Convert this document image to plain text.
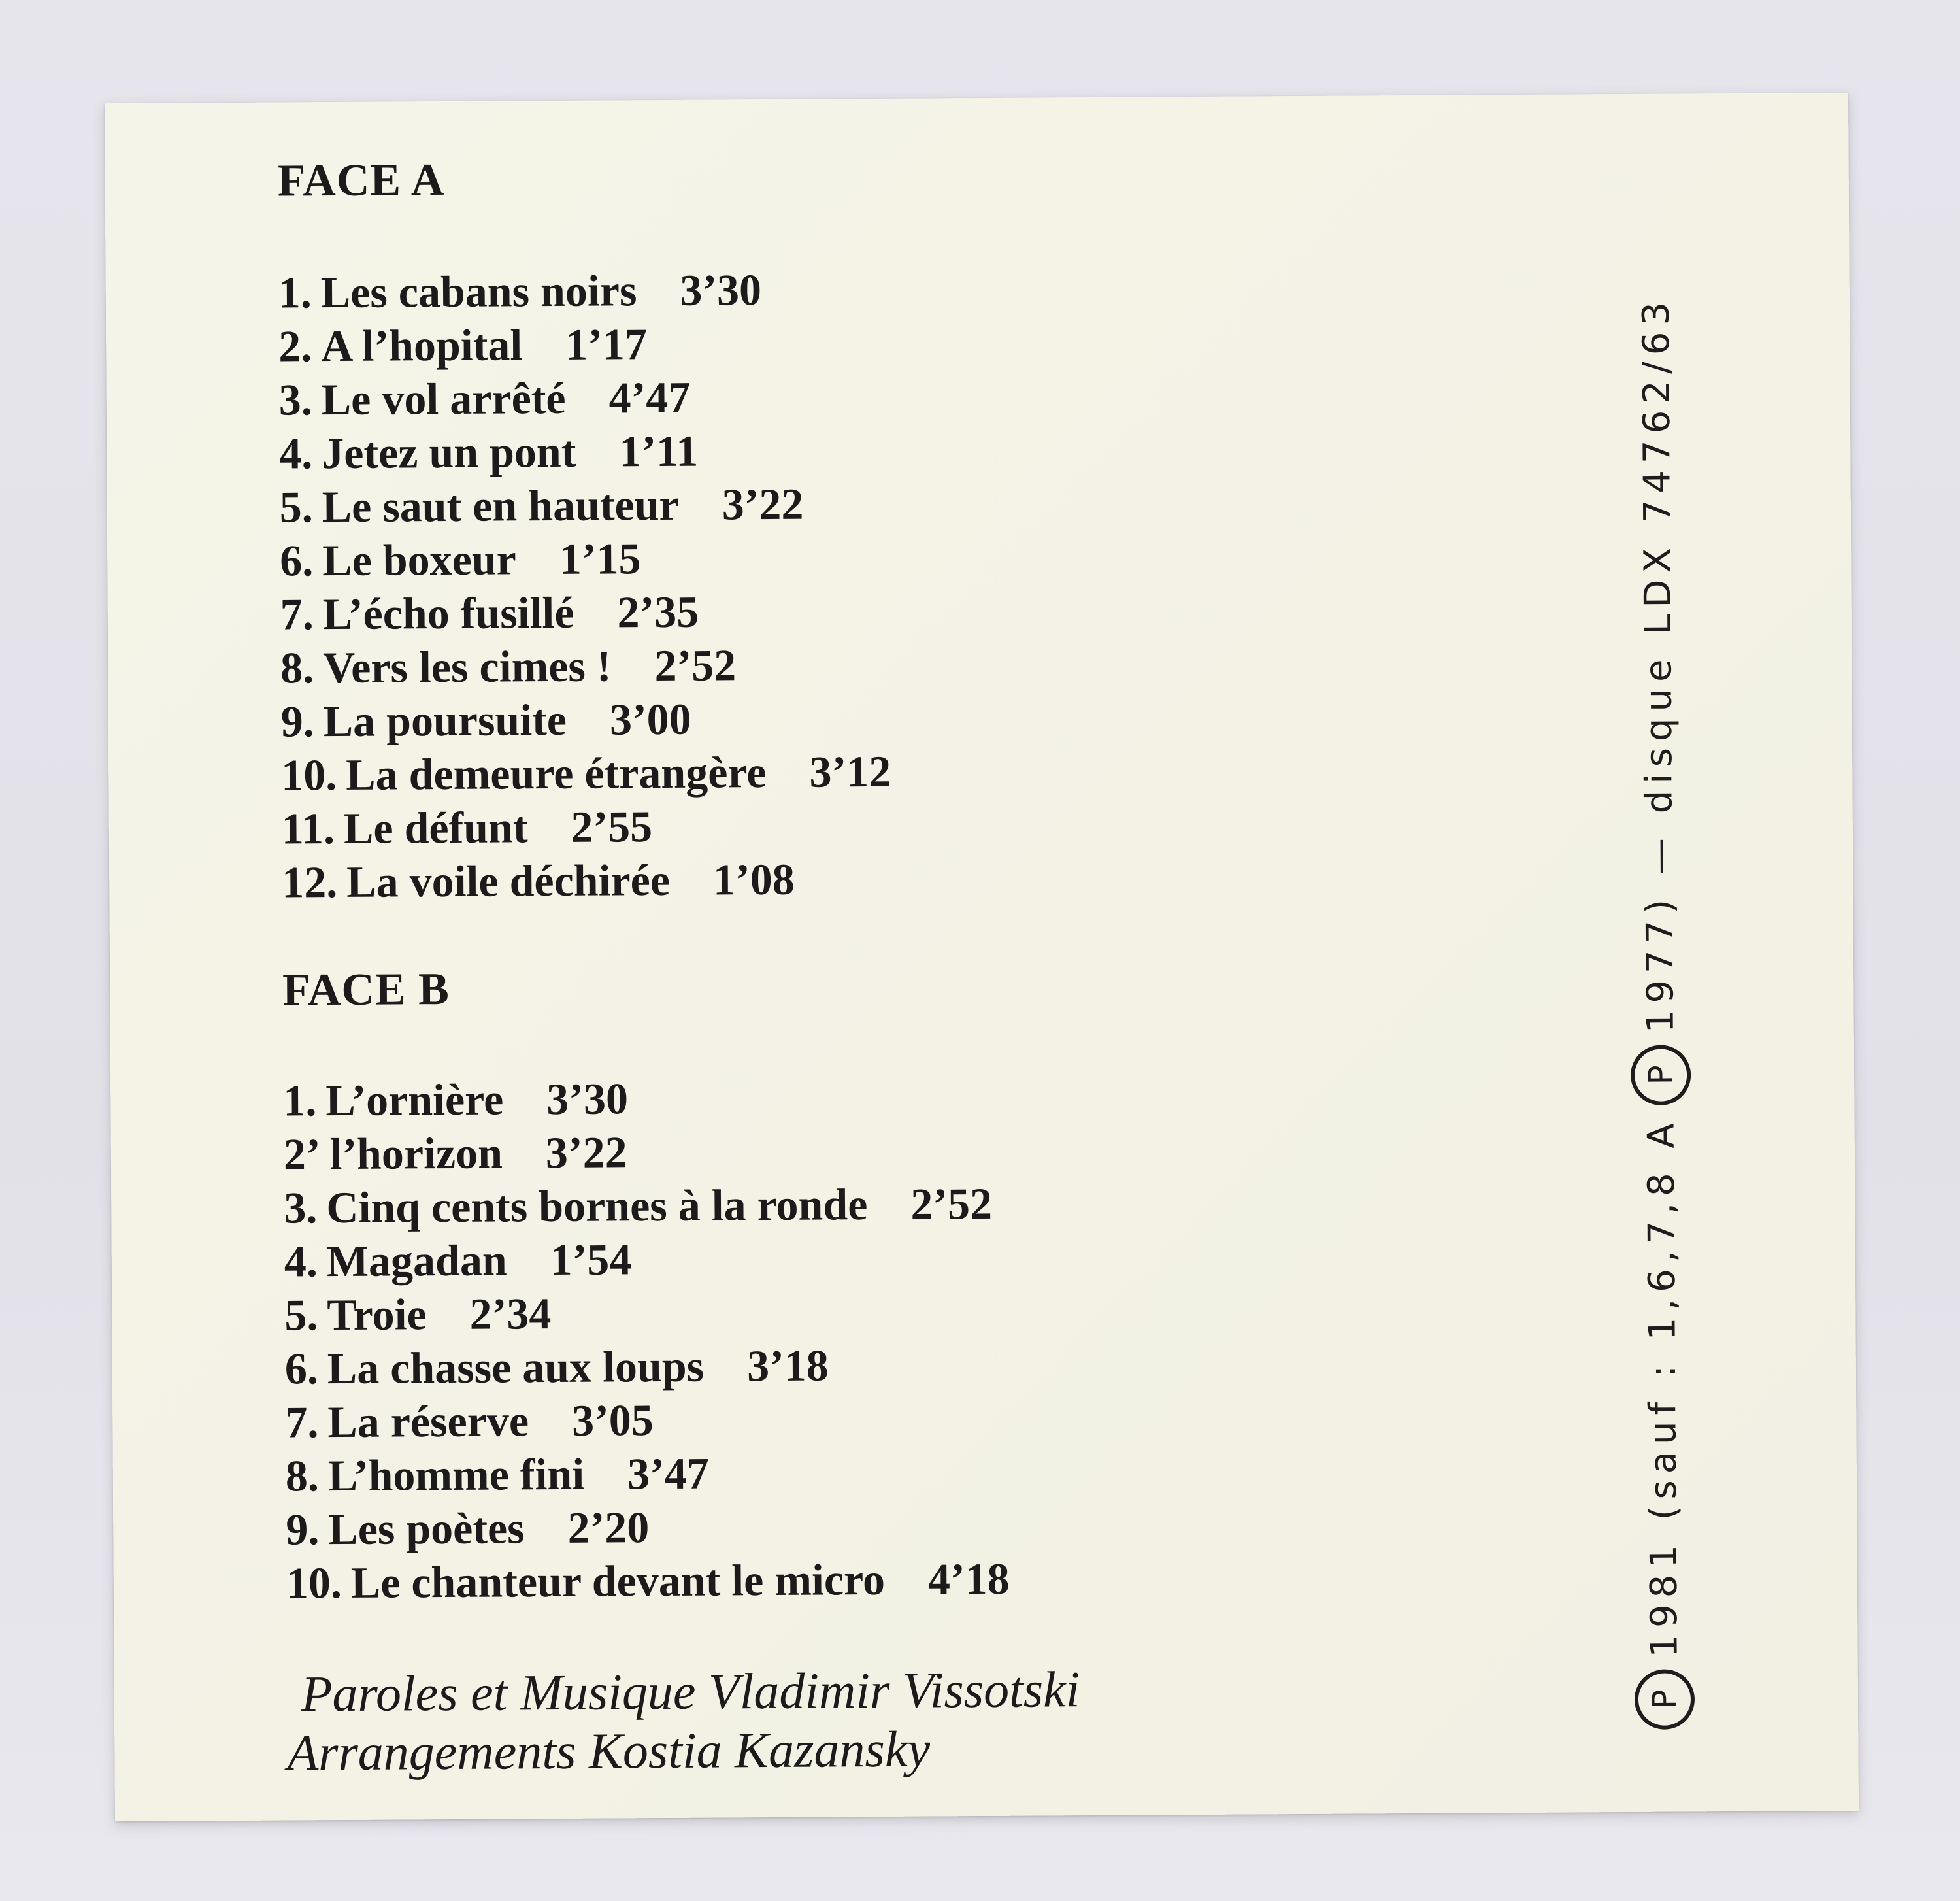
FACE A
1. Les cabans noirs 3’30
2. A l’hopital 1’17
3. Le vol arrêté 4’47
4. Jetez un pont 1’11
5. Le saut en hauteur 3’22
6. Le boxeur 1’15
7. L’écho fusillé 2’35
8. Vers les cimes ! 2’52
9. La poursuite 3’00
10. La demeure étrangère 3’12
11. Le défunt 2’55
12. La voile déchirée 1’08
FACE B
1. L’ornière 3’30
2’ l’horizon 3’22
3. Cinq cents bornes à la ronde 2’52
4. Magadan 1’54
5. Troie 2’34
6. La chasse aux loups 3’18
7. La réserve 3’05
8. L’homme fini 3’47
9. Les poètes 2’20
10. Le chanteur devant le micro 4’18
Paroles et Musique Vladimir Vissotski
Arrangements Kostia Kazansky
P
1981 (sauf : 1,6,7,8 A
P
1977) — disque LDX 74762/63
